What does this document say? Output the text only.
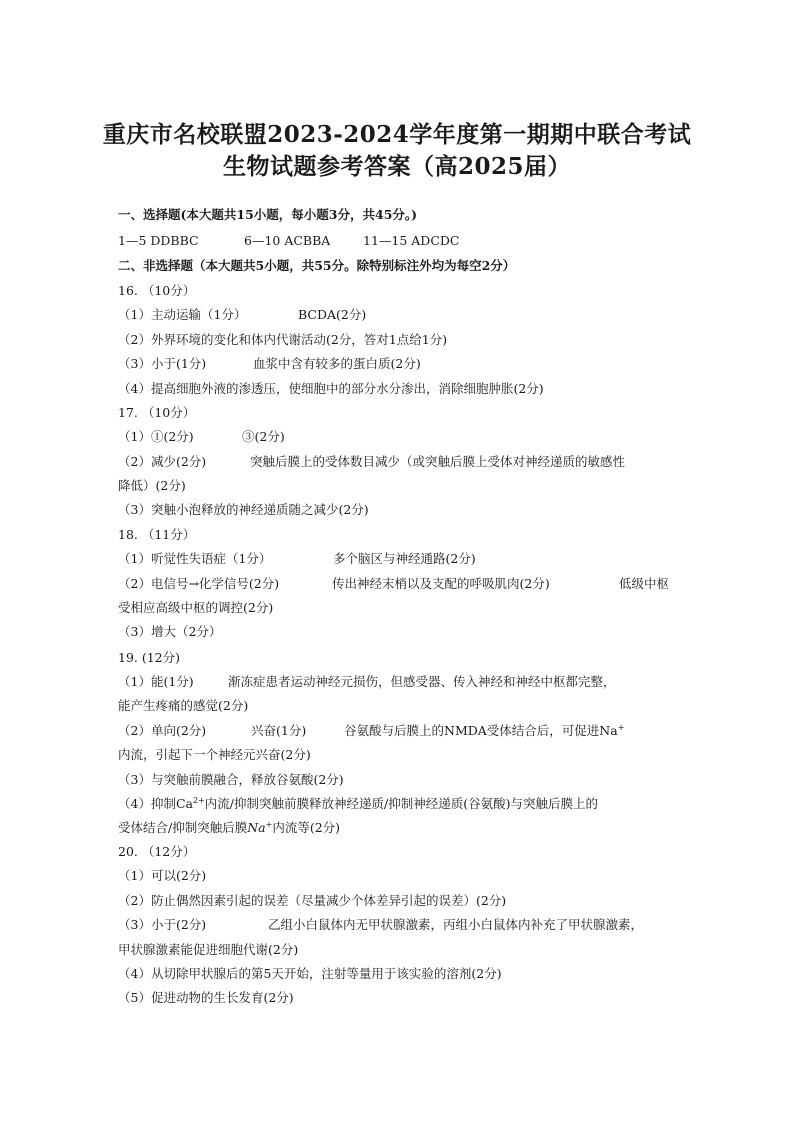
重庆市名校联盟2023-2024学年度第一期期中联合考试
生物试题参考答案（高2025届）
一、选择题(本大题共15小题，每小题3分，共45分。)
1—5 DDBBC	6—10 ACBBA	11—15 ADCDC
二、非选择题（本大题共5小题，共55分。除特别标注外均为每空2分）
16. （10分）
（1）主动运输（1分）	BCDA(2分)
（2）外界环境的变化和体内代谢活动(2分，答对1点给1分)
（3）小于(1分)	血浆中含有较多的蛋白质(2分)
（4）提高细胞外液的渗透压，使细胞中的部分水分渗出，消除细胞肿胀(2分)
17. （10分）
（1）①(2分)	③(2分)
（2）减少(2分)	突触后膜上的受体数目减少（或突触后膜上受体对神经递质的敏感性
降低）(2分)
（3）突触小泡释放的神经递质随之减少(2分)
18. （11分）
（1）听觉性失语症（1分）	多个脑区与神经通路(2分)
（2）电信号→化学信号(2分)	传出神经末梢以及支配的呼吸肌肉(2分)	低级中枢
受相应高级中枢的调控(2分)
（3）增大（2分）
19. (12分)
（1）能(1分)	渐冻症患者运动神经元损伤，但感受器、传入神经和神经中枢都完整，
能产生疼痛的感觉(2分)
（2）单向(2分)	兴奋(1分)	谷氨酸与后膜上的NMDA受体结合后，可促进Na+
内流，引起下一个神经元兴奋(2分)
（3）与突触前膜融合，释放谷氨酸(2分)
（4）抑制$Ca^{2+}$内流/抑制突触前膜释放神经递质/抑制神经递质(谷氨酸)与突触后膜上的
受体结合/抑制突触后膜Na+内流等(2分)
20. （12分）
（1）可以(2分)
（2）防止偶然因素引起的误差（尽量减少个体差异引起的误差）(2分)
（3）小于(2分)	乙组小白鼠体内无甲状腺激素，丙组小白鼠体内补充了甲状腺激素，
甲状腺激素能促进细胞代谢(2分)
（4）从切除甲状腺后的第5天开始，注射等量用于该实验的溶剂(2分)
（5）促进动物的生长发育(2分)
